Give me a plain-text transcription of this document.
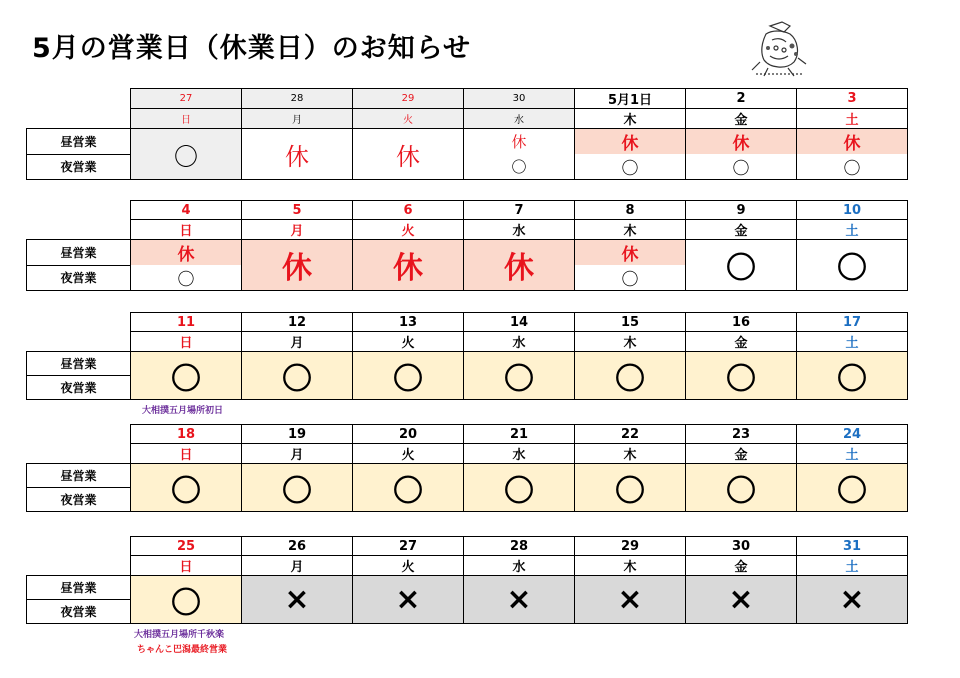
5月の営業日（休業日）のお知らせ
	27	28	29	30	5月1日	2	3
	日	月	火	水	木	金	土
昼営業	〇	休	休	休	休	休	休
夜営業				〇	〇	〇	〇
	4	5	6	7	8	9	10
	日	月	火	水	木	金	土
昼営業	休	休	休	休	休	〇	〇
夜営業	〇				〇		
	11	12	13	14	15	16	17
	日	月	火	水	木	金	土
昼営業	〇	〇	〇	〇	〇	〇	〇
夜営業							
大相撲五月場所初日
	18	19	20	21	22	23	24
	日	月	火	水	木	金	土
昼営業	〇	〇	〇	〇	〇	〇	〇
夜営業							
	25	26	27	28	29	30	31
	日	月	火	水	木	金	土
昼営業	〇	×	×	×	×	×	×
夜営業							
大相撲五月場所千秋楽
ちゃんこ巴潟最終営業
